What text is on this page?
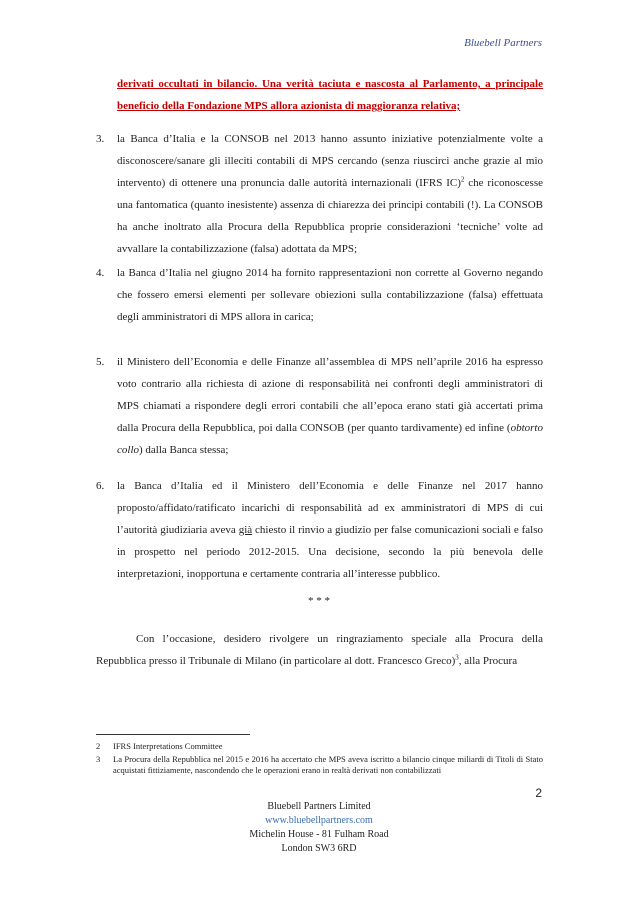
Bluebell Partners
derivati occultati in bilancio. Una verità taciuta e nascosta al Parlamento, a principale beneficio della Fondazione MPS allora azionista di maggioranza relativa;
3. la Banca d’Italia e la CONSOB nel 2013 hanno assunto iniziative potenzialmente volte a disconoscere/sanare gli illeciti contabili di MPS cercando (senza riuscirci anche grazie al mio intervento) di ottenere una pronuncia dalle autorità internazionali (IFRS IC)$^2$ che riconoscesse una fantomatica (quanto inesistente) assenza di chiarezza dei principi contabili (!). La CONSOB ha anche inoltrato alla Procura della Repubblica proprie considerazioni ‘tecniche’ volte ad avvallare la contabilizzazione (falsa) adottata da MPS;
4. la Banca d’Italia nel giugno 2014 ha fornito rappresentazioni non corrette al Governo negando che fossero emersi elementi per sollevare obiezioni sulla contabilizzazione (falsa) effettuata degli amministratori di MPS allora in carica;
5. il Ministero dell’Economia e delle Finanze all’assemblea di MPS nell’aprile 2016 ha espresso voto contrario alla richiesta di azione di responsabilità nei confronti degli amministratori di MPS chiamati a rispondere degli errori contabili che all’epoca erano stati già accertati prima dalla Procura della Repubblica, poi dalla CONSOB (per quanto tardivamente) ed infine (obtorto collo) dalla Banca stessa;
6. la Banca d’Italia ed il Ministero dell’Economia e delle Finanze nel 2017 hanno proposto/affidato/ratificato incarichi di responsabilità ad ex amministratori di MPS di cui l’autorità giudiziaria aveva già chiesto il rinvio a giudizio per false comunicazioni sociali e falso in prospetto nel periodo 2012-2015. Una decisione, secondo la più benevola delle interpretazioni, inopportuna e certamente contraria all’interesse pubblico.
* * *
Con l’occasione, desidero rivolgere un ringraziamento speciale alla Procura della Repubblica presso il Tribunale di Milano (in particolare al dott. Francesco Greco)$^3$, alla Procura
2 IFRS Interpretations Committee
3 La Procura della Repubblica nel 2015 e 2016 ha accertato che MPS aveva iscritto a bilancio cinque miliardi di Titoli di Stato acquistati fittiziamente, nascondendo che le operazioni erano in realtà derivati non contabilizzati
2
Bluebell Partners Limited
www.bluebellpartners.com
Michelin House - 81 Fulham Road
London SW3 6RD
